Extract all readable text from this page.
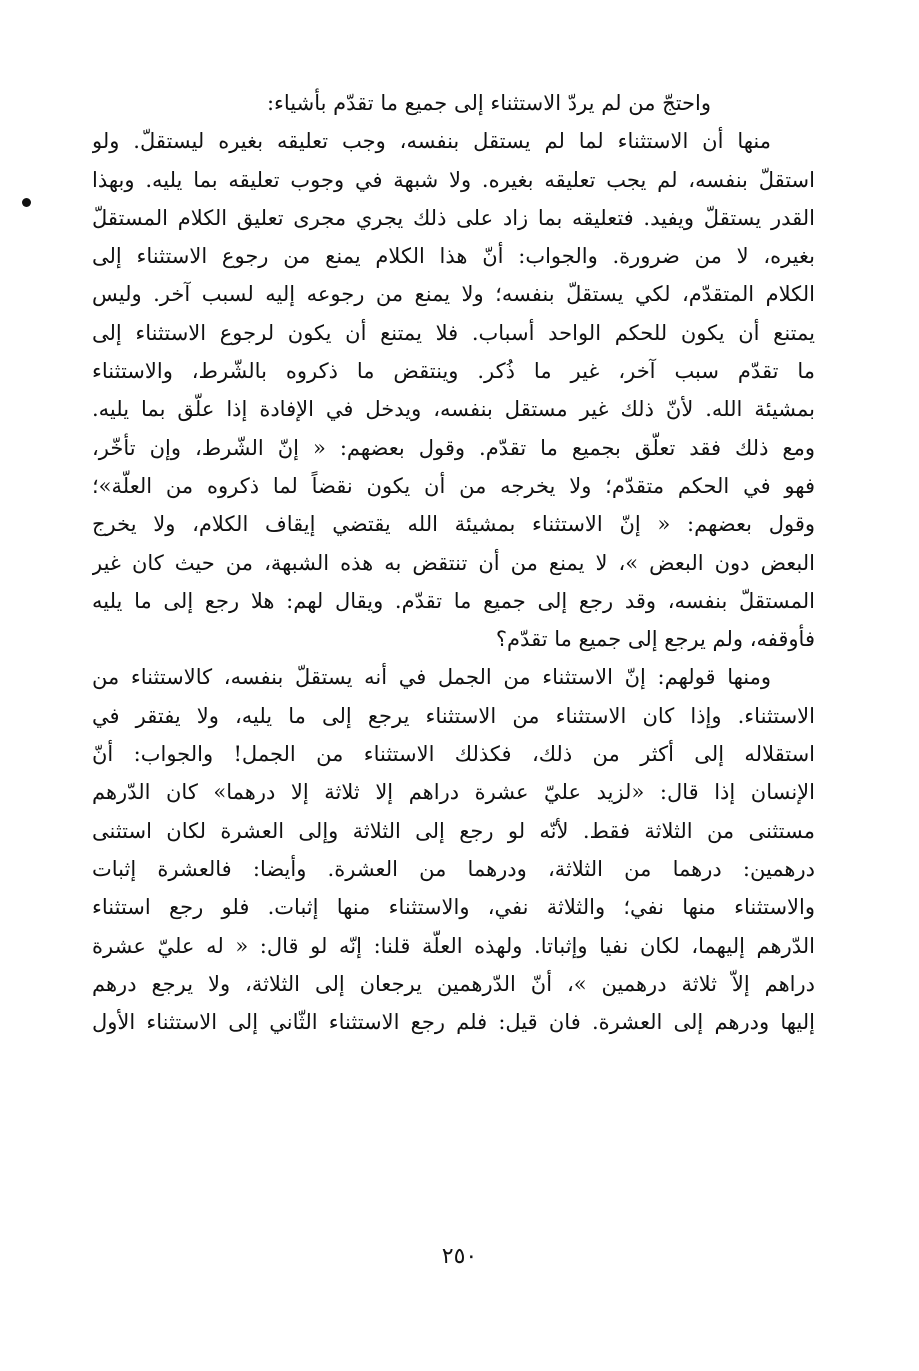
واحتجّ من لم يردّ الاستثناء إلى جميع ما تقدّم بأشياء:
منها أن الاستثناء لما لم يستقل بنفسه، وجب تعليقه بغيره ليستقلّ. ولو
استقلّ بنفسه، لم يجب تعليقه بغيره. ولا شبهة في وجوب تعليقه بما يليه. وبهذا
القدر يستقلّ ويفيد. فتعليقه بما زاد على ذلك يجري مجرى تعليق الكلام المستقلّ
بغيره، لا من ضرورة. والجواب: أنّ هذا الكلام يمنع من رجوع الاستثناء إلى
الكلام المتقدّم، لكي يستقلّ بنفسه؛ ولا يمنع من رجوعه إليه لسبب آخر. وليس
يمتنع أن يكون للحكم الواحد أسباب. فلا يمتنع أن يكون لرجوع الاستثناء إلى
ما تقدّم سبب آخر، غير ما ذُكر. وينتقض ما ذكروه بالشّرط، والاستثناء
بمشيئة الله. لأنّ ذلك غير مستقل بنفسه، ويدخل في الإفادة إذا علّق بما يليه.
ومع ذلك فقد تعلّق بجميع ما تقدّم. وقول بعضهم: « إنّ الشّرط، وإن تأخّر،
فهو في الحكم متقدّم؛ ولا يخرجه من أن يكون نقضاً لما ذكروه من العلّة»؛
وقول بعضهم: « إنّ الاستثناء بمشيئة الله يقتضي إيقاف الكلام، ولا يخرج
البعض دون البعض »، لا يمنع من أن تنتقض به هذه الشبهة، من حيث كان غير
المستقلّ بنفسه، وقد رجع إلى جميع ما تقدّم. ويقال لهم: هلا رجع إلى ما يليه
فأوقفه، ولم يرجع إلى جميع ما تقدّم؟
ومنها قولهم: إنّ الاستثناء من الجمل في أنه يستقلّ بنفسه، كالاستثناء من
الاستثناء. وإذا كان الاستثناء من الاستثناء يرجع إلى ما يليه، ولا يفتقر في
استقلاله إلى أكثر من ذلك، فكذلك الاستثناء من الجمل! والجواب: أنّ
الإنسان إذا قال: «لزيد عليّ عشرة دراهم إلا ثلاثة إلا درهما» كان الدّرهم
مستثنى من الثلاثة فقط. لأنّه لو رجع إلى الثلاثة وإلى العشرة لكان استثنى
درهمين: درهما من الثلاثة، ودرهما من العشرة. وأيضا: فالعشرة إثبات
والاستثناء منها نفي؛ والثلاثة نفي، والاستثناء منها إثبات. فلو رجع استثناء
الدّرهم إليهما، لكان نفيا وإثباتا. ولهذه العلّة قلنا: إنّه لو قال: « له عليّ عشرة
دراهم إلاّ ثلاثة درهمين »، أنّ الدّرهمين يرجعان إلى الثلاثة، ولا يرجع درهم
إليها ودرهم إلى العشرة. فان قيل: فلم رجع الاستثناء الثّاني إلى الاستثناء الأول
٢٥٠
